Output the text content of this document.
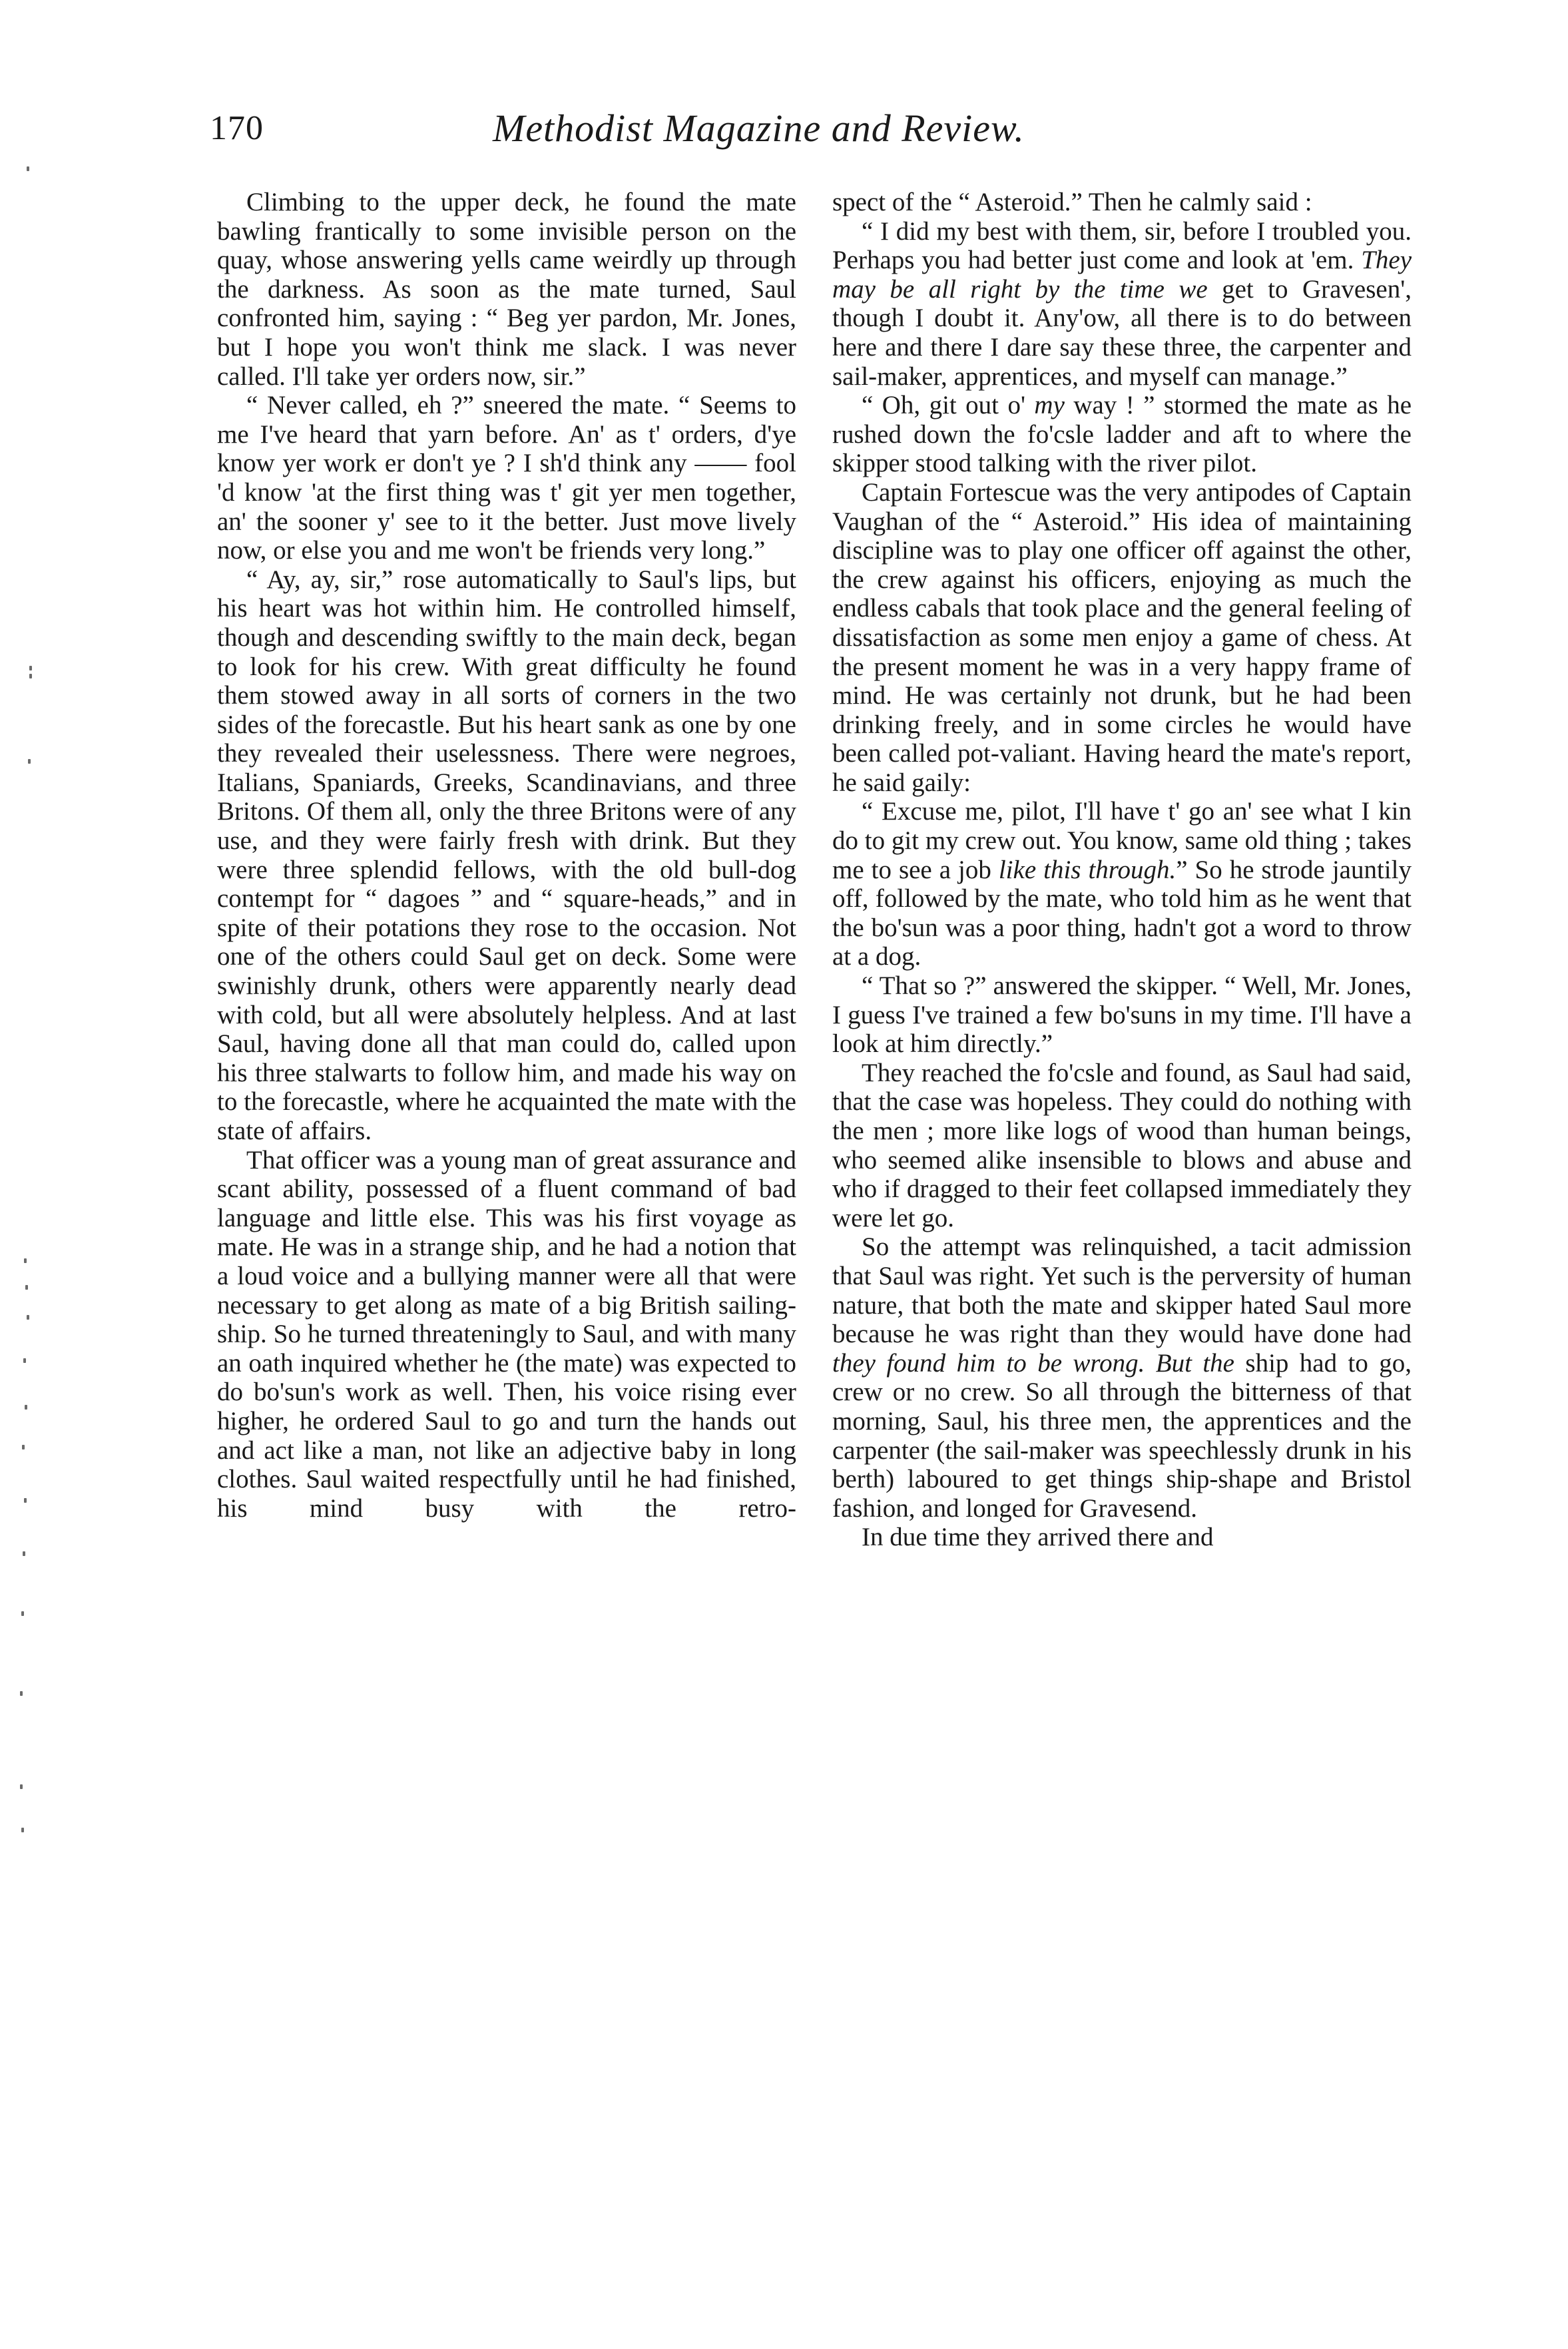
170	Methodist Magazine and Review.

Climbing to the upper deck, he found the mate bawling frantically to some invisible person on the quay, whose answering yells came weirdly up through the darkness. As soon as the mate turned, Saul confronted him, saying : “ Beg yer pardon, Mr. Jones, but I hope you won't think me slack. I was never called. I'll take yer orders now, sir.”

“ Never called, eh ?” sneered the mate. “ Seems to me I've heard that yarn before. An' as t' orders, d'ye know yer work er don't ye ? I sh'd think any —— fool 'd know 'at the first thing was t' git yer men together, an' the sooner y' see to it the better. Just move lively now, or else you and me won't be friends very long.”

“ Ay, ay, sir,” rose automatically to Saul's lips, but his heart was hot within him. He controlled himself, though and descending swiftly to the main deck, began to look for his crew. With great difficulty he found them stowed away in all sorts of corners in the two sides of the forecastle. But his heart sank as one by one they revealed their uselessness. There were negroes, Italians, Spaniards, Greeks, Scandinavians, and three Britons. Of them all, only the three Britons were of any use, and they were fairly fresh with drink. But they were three splendid fellows, with the old bull-dog contempt for “ dagoes ” and “ square-heads,” and in spite of their potations they rose to the occasion. Not one of the others could Saul get on deck. Some were swinishly drunk, others were apparently nearly dead with cold, but all were absolutely helpless. And at last Saul, having done all that man could do, called upon his three stalwarts to follow him, and made his way on to the forecastle, where he acquainted the mate with the state of affairs.

That officer was a young man of great assurance and scant ability, possessed of a fluent command of bad language and little else. This was his first voyage as mate. He was in a strange ship, and he had a notion that a loud voice and a bullying manner were all that were necessary to get along as mate of a big British sailing-ship. So he turned threateningly to Saul, and with many an oath inquired whether he (the mate) was expected to do bo'sun's work as well. Then, his voice rising ever higher, he ordered Saul to go and turn the hands out and act like a man, not like an adjective baby in long clothes. Saul waited respectfully until he had finished, his mind busy with the retro-

spect of the “ Asteroid.” Then he calmly said :

“ I did my best with them, sir, before I troubled you. Perhaps you had better just come and look at 'em. They may be all right by the time we get to Gravesen', though I doubt it. Any'ow, all there is to do between here and there I dare say these three, the carpenter and sail-maker, apprentices, and myself can manage.”

“ Oh, git out o' my way ! ” stormed the mate as he rushed down the fo'csle ladder and aft to where the skipper stood talking with the river pilot.

Captain Fortescue was the very antipodes of Captain Vaughan of the “ Asteroid.” His idea of maintaining discipline was to play one officer off against the other, the crew against his officers, enjoying as much the endless cabals that took place and the general feeling of dissatisfaction as some men enjoy a game of chess. At the present moment he was in a very happy frame of mind. He was certainly not drunk, but he had been drinking freely, and in some circles he would have been called pot-valiant. Having heard the mate's report, he said gaily:

“ Excuse me, pilot, I'll have t' go an' see what I kin do to git my crew out. You know, same old thing ; takes me to see a job like this through.” So he strode jauntily off, followed by the mate, who told him as he went that the bo'sun was a poor thing, hadn't got a word to throw at a dog.

“ That so ?” answered the skipper. “ Well, Mr. Jones, I guess I've trained a few bo'suns in my time. I'll have a look at him directly.”

They reached the fo'csle and found, as Saul had said, that the case was hopeless. They could do nothing with the men ; more like logs of wood than human beings, who seemed alike insensible to blows and abuse and who if dragged to their feet collapsed immediately they were let go.

So the attempt was relinquished, a tacit admission that Saul was right. Yet such is the perversity of human nature, that both the mate and skipper hated Saul more because he was right than they would have done had they found him to be wrong. But the ship had to go, crew or no crew. So all through the bitterness of that morning, Saul, his three men, the apprentices and the carpenter (the sail-maker was speechlessly drunk in his berth) laboured to get things ship-shape and Bristol fashion, and longed for Gravesend.

In due time they arrived there and
